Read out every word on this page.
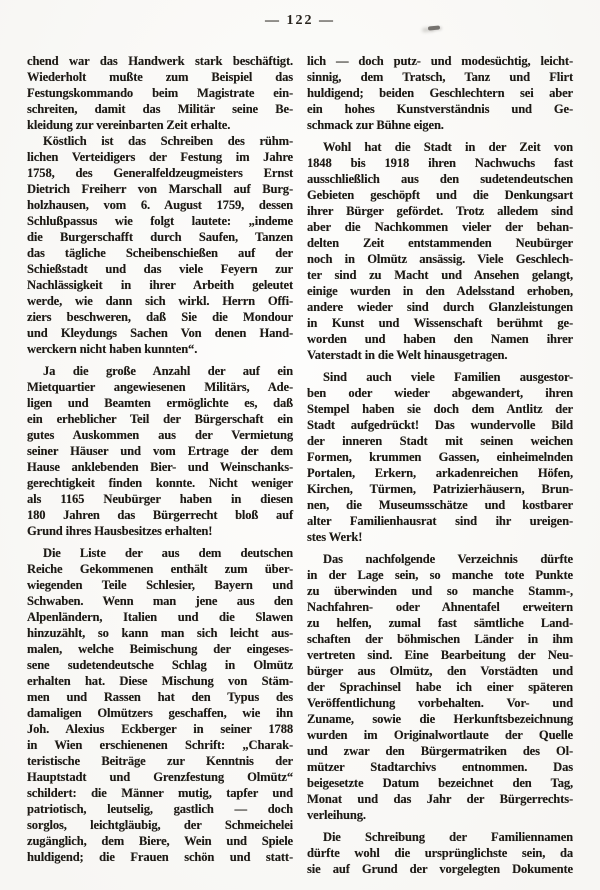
— 122 —
chend war das Handwerk stark beschäftigt.
Wiederholt mußte zum Beispiel das
Festungskommando beim Magistrate ein-
schreiten, damit das Militär seine Be-
kleidung zur vereinbarten Zeit erhalte.
Köstlich ist das Schreiben des rühm-
lichen Verteidigers der Festung im Jahre
1758, des Generalfeldzeugmeisters Ernst
Dietrich Freiherr von Marschall auf Burg-
holzhausen, vom 6. August 1759, dessen
Schlußpassus wie folgt lautete: „indeme
die Burgerschafft durch Saufen, Tanzen
das tägliche Scheibenschießen auf der
Schießstadt und das viele Feyern zur
Nachlässigkeit in ihrer Arbeith geleutet
werde, wie dann sich wirkl. Herrn Offi-
ziers beschweren, daß Sie die Mondour
und Kleydungs Sachen Von denen Hand-
werckern nicht haben kunnten“.
Ja die große Anzahl der auf ein
Mietquartier angewiesenen Militärs, Ade-
ligen und Beamten ermöglichte es, daß
ein erheblicher Teil der Bürgerschaft ein
gutes Auskommen aus der Vermietung
seiner Häuser und vom Ertrage der dem
Hause anklebenden Bier- und Weinschanks-
gerechtigkeit finden konnte. Nicht weniger
als 1165 Neubürger haben in diesen
180 Jahren das Bürgerrecht bloß auf
Grund ihres Hausbesitzes erhalten!
Die Liste der aus dem deutschen
Reiche Gekommenen enthält zum über-
wiegenden Teile Schlesier, Bayern und
Schwaben. Wenn man jene aus den
Alpenländern, Italien und die Slawen
hinzuzählt, so kann man sich leicht aus-
malen, welche Beimischung der eingeses-
sene sudetendeutsche Schlag in Olmütz
erhalten hat. Diese Mischung von Stäm-
men und Rassen hat den Typus des
damaligen Olmützers geschaffen, wie ihn
Joh. Alexius Eckberger in seiner 1788
in Wien erschienenen Schrift: „Charak-
teristische Beiträge zur Kenntnis der
Hauptstadt und Grenzfestung Olmütz“
schildert: die Männer mutig, tapfer und
patriotisch, leutselig, gastlich — doch
sorglos, leichtgläubig, der Schmeichelei
zugänglich, dem Biere, Wein und Spiele
huldigend; die Frauen schön und statt-
lich — doch putz- und modesüchtig, leicht-
sinnig, dem Tratsch, Tanz und Flirt
huldigend; beiden Geschlechtern sei aber
ein hohes Kunstverständnis und Ge-
schmack zur Bühne eigen.
Wohl hat die Stadt in der Zeit von
1848 bis 1918 ihren Nachwuchs fast
ausschließlich aus den sudetendeutschen
Gebieten geschöpft und die Denkungsart
ihrer Bürger gefördet. Trotz alledem sind
aber die Nachkommen vieler der behan-
delten Zeit entstammenden Neubürger
noch in Olmütz ansässig. Viele Geschlech-
ter sind zu Macht und Ansehen gelangt,
einige wurden in den Adelsstand erhoben,
andere wieder sind durch Glanzleistungen
in Kunst und Wissenschaft berühmt ge-
worden und haben den Namen ihrer
Vaterstadt in die Welt hinausgetragen.
Sind auch viele Familien ausgestor-
ben oder wieder abgewandert, ihren
Stempel haben sie doch dem Antlitz der
Stadt aufgedrückt! Das wundervolle Bild
der inneren Stadt mit seinen weichen
Formen, krummen Gassen, einheimelnden
Portalen, Erkern, arkadenreichen Höfen,
Kirchen, Türmen, Patrizierhäusern, Brun-
nen, die Museumsschätze und kostbarer
alter Familienhausrat sind ihr ureigen-
stes Werk!
Das nachfolgende Verzeichnis dürfte
in der Lage sein, so manche tote Punkte
zu überwinden und so manche Stamm-,
Nachfahren- oder Ahnentafel erweitern
zu helfen, zumal fast sämtliche Land-
schaften der böhmischen Länder in ihm
vertreten sind. Eine Bearbeitung der Neu-
bürger aus Olmütz, den Vorstädten und
der Sprachinsel habe ich einer späteren
Veröffentlichung vorbehalten. Vor- und
Zuname, sowie die Herkunftsbezeichnung
wurden im Originalwortlaute der Quelle
und zwar den Bürgermatriken des Ol-
mützer Stadtarchivs entnommen. Das
beigesetzte Datum bezeichnet den Tag,
Monat und das Jahr der Bürgerrechts-
verleihung.
Die Schreibung der Familiennamen
dürfte wohl die ursprünglichste sein, da
sie auf Grund der vorgelegten Dokumente
